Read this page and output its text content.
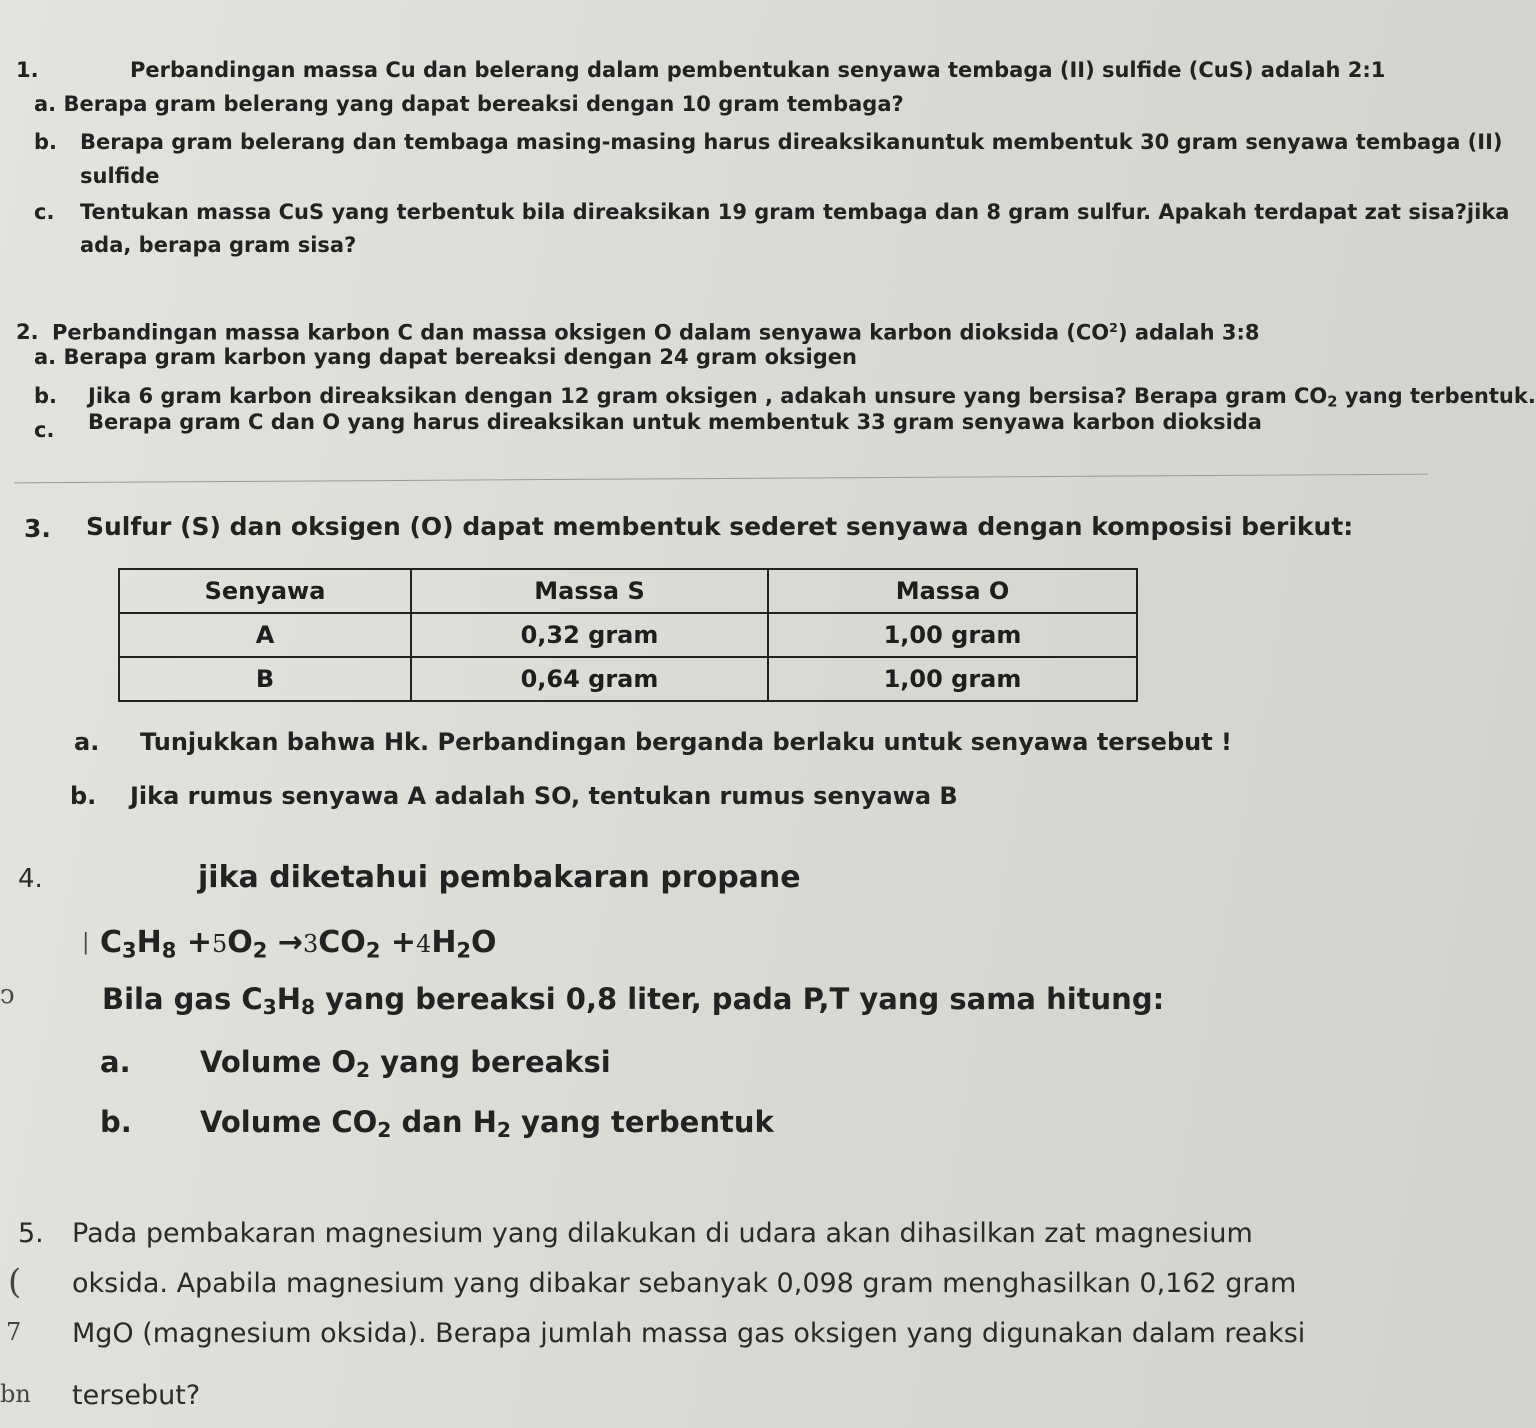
1.	Perbandingan massa Cu dan belerang dalam pembentukan senyawa tembaga (II) sulfide (CuS) adalah 2:1
a. Berapa gram belerang yang dapat bereaksi dengan 10 gram tembaga?
b. Berapa gram belerang dan tembaga masing-masing harus direaksikanuntuk membentuk 30 gram senyawa tembaga (II)
sulfide
c. Tentukan massa CuS yang terbentuk bila direaksikan 19 gram tembaga dan 8 gram sulfur. Apakah terdapat zat sisa?jika
ada, berapa gram sisa?
2. Perbandingan massa karbon C dan massa oksigen O dalam senyawa karbon dioksida $(CO^2)$ adalah 3:8
a. Berapa gram karbon yang dapat bereaksi dengan 24 gram oksigen
b. Jika 6 gram karbon direaksikan dengan 12 gram oksigen , adakah unsure yang bersisa? Berapa gram $CO_2$ yang terbentuk.
c. Berapa gram C dan O yang harus direaksikan untuk membentuk 33 gram senyawa karbon dioksida
3. Sulfur (S) dan oksigen (O) dapat membentuk sederet senyawa dengan komposisi berikut:
Senyawa	Massa S	Massa O
A	0,32 gram	1,00 gram
B	0,64 gram	1,00 gram
a. Tunjukkan bahwa Hk. Perbandingan berganda berlaku untuk senyawa tersebut !
b. Jika rumus senyawa A adalah SO, tentukan rumus senyawa B
4.	jika diketahui pembakaran propane
| $C_3H_8 +5O_2 \to 3CO_2 +4H_2O$
ↄ	Bila gas $C_3H_8$ yang bereaksi 0,8 liter, pada P,T yang sama hitung:
a. Volume $O_2$ yang bereaksi
b. Volume $CO_2$ dan $H_2$ yang terbentuk
5. Pada pembakaran magnesium yang dilakukan di udara akan dihasilkan zat magnesium
( oksida. Apabila magnesium yang dibakar sebanyak 0,098 gram menghasilkan 0,162 gram
7 MgO (magnesium oksida). Berapa jumlah massa gas oksigen yang digunakan dalam reaksi
bn tersebut?
